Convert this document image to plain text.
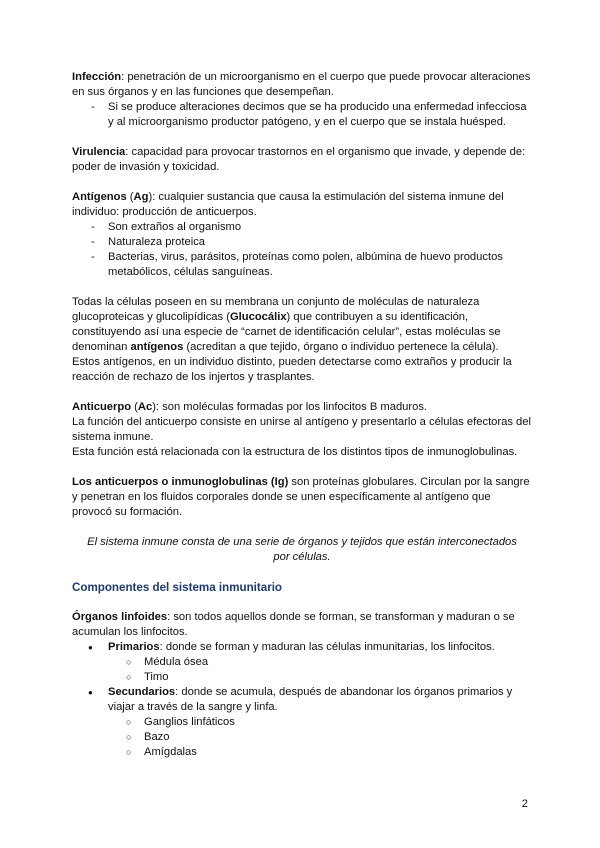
Infección: penetración de un microorganismo en el cuerpo que puede provocar alteraciones en sus órganos y en las funciones que desempeñan.

- Si se produce alteraciones decimos que se ha producido una enfermedad infecciosa y al microorganismo productor patógeno, y en el cuerpo que se instala huésped.

Virulencia: capacidad para provocar trastornos en el organismo que invade, y depende de: poder de invasión y toxicidad.

Antígenos (Ag): cualquier sustancia que causa la estimulación del sistema inmune del individuo: producción de anticuerpos.

- Son extraños al organismo
- Naturaleza proteica
- Bacterias, virus, parásitos, proteínas como polen, albúmina de huevo productos metabólicos, células sanguíneas.

Todas la células poseen en su membrana un conjunto de moléculas de naturaleza glucoproteicas y glucolipídicas (Glucocálix) que contribuyen a su identificación, constituyendo así una especie de “carnet de identificación celular”, estas moléculas se denominan antígenos (acreditan a que tejido, órgano o individuo pertenece la célula).

Estos antígenos, en un individuo distinto, pueden detectarse como extraños y producir la reacción de rechazo de los injertos y trasplantes.

Anticuerpo (Ac): son moléculas formadas por los linfocitos B maduros.

La función del anticuerpo consiste en unirse al antígeno y presentarlo a células efectoras del sistema inmune.

Esta función está relacionada con la estructura de los distintos tipos de inmunoglobulinas.

Los anticuerpos o inmunoglobulinas (Ig) son proteínas globulares. Circulan por la sangre y penetran en los fluidos corporales donde se unen específicamente al antígeno que provocó su formación.

El sistema inmune consta de una serie de órganos y tejidos que están interconectados por células.

Componentes del sistema inmunitario

Órganos linfoides: son todos aquellos donde se forman, se transforman y maduran o se acumulan los linfocitos.

● Primarios: donde se forman y maduran las células inmunitarias, los linfocitos.
○ Médula ósea
○ Timo
● Secundarios: donde se acumula, después de abandonar los órganos primarios y viajar a través de la sangre y linfa.
○ Ganglios linfáticos
○ Bazo
○ Amígdalas
2
